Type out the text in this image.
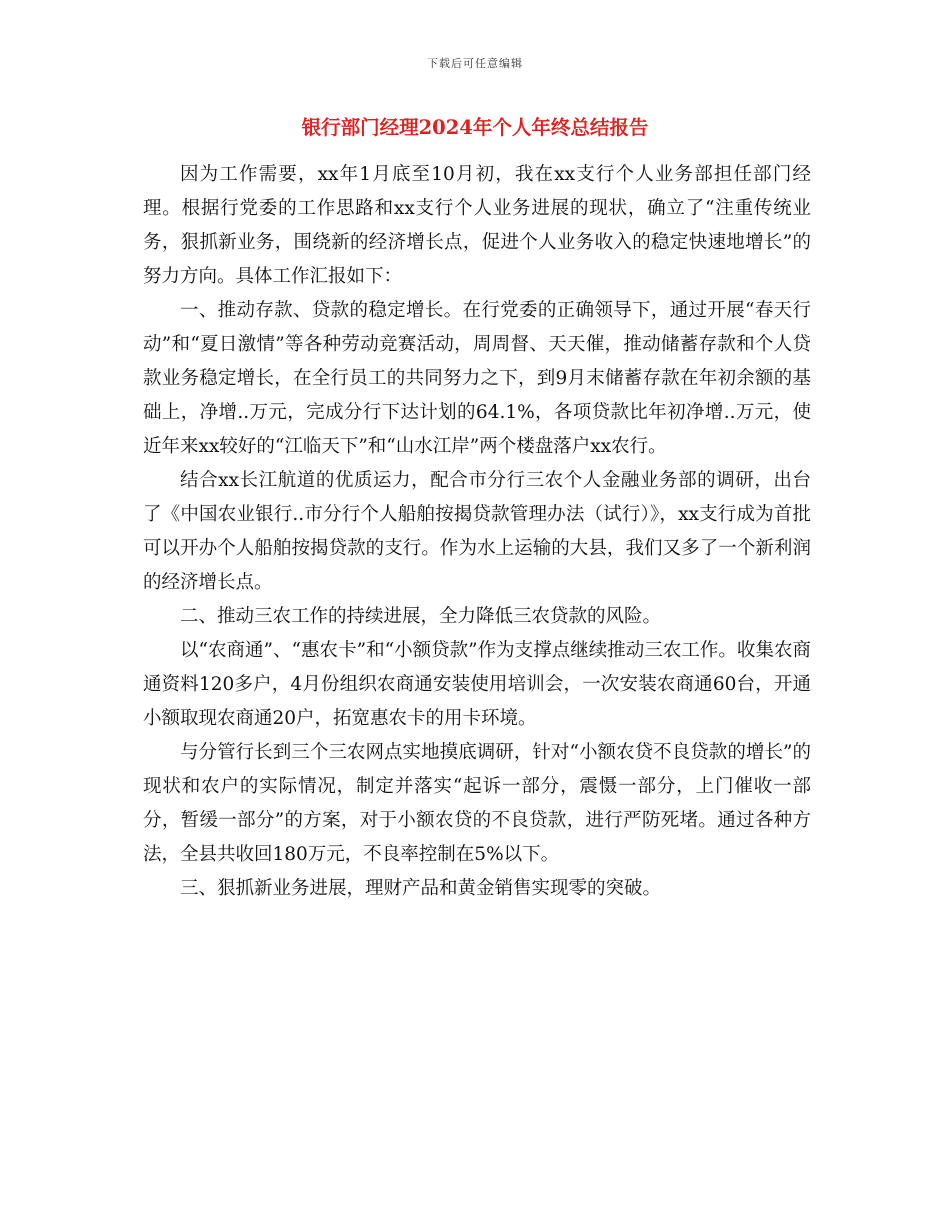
下载后可任意编辑
银行部门经理2024年个人年终总结报告

因为工作需要，xx年1月底至10月初，我在xx支行个人业务部担任部门经理。根据行党委的工作思路和xx支行个人业务进展的现状，确立了“注重传统业务，狠抓新业务，围绕新的经济增长点，促进个人业务收入的稳定快速地增长”的努力方向。具体工作汇报如下：

一、推动存款、贷款的稳定增长。在行党委的正确领导下，通过开展“春天行动”和“夏日激情”等各种劳动竞赛活动，周周督、天天催，推动储蓄存款和个人贷款业务稳定增长，在全行员工的共同努力之下，到9月末储蓄存款在年初余额的基础上，净增..万元，完成分行下达计划的64.1%，各项贷款比年初净增..万元，使近年来xx较好的“江临天下”和“山水江岸”两个楼盘落户xx农行。

结合xx长江航道的优质运力，配合市分行三农个人金融业务部的调研，出台了《中国农业银行..市分行个人船舶按揭贷款管理办法（试行）》，xx支行成为首批可以开办个人船舶按揭贷款的支行。作为水上运输的大县，我们又多了一个新利润的经济增长点。

二、推动三农工作的持续进展，全力降低三农贷款的风险。

以“农商通”、“惠农卡”和“小额贷款”作为支撑点继续推动三农工作。收集农商通资料120多户，4月份组织农商通安装使用培训会，一次安装农商通60台，开通小额取现农商通20户，拓宽惠农卡的用卡环境。

与分管行长到三个三农网点实地摸底调研，针对“小额农贷不良贷款的增长”的现状和农户的实际情况，制定并落实“起诉一部分，震慑一部分，上门催收一部分，暂缓一部分”的方案，对于小额农贷的不良贷款，进行严防死堵。通过各种方法，全县共收回180万元，不良率控制在5%以下。

三、狠抓新业务进展，理财产品和黄金销售实现零的突破。
